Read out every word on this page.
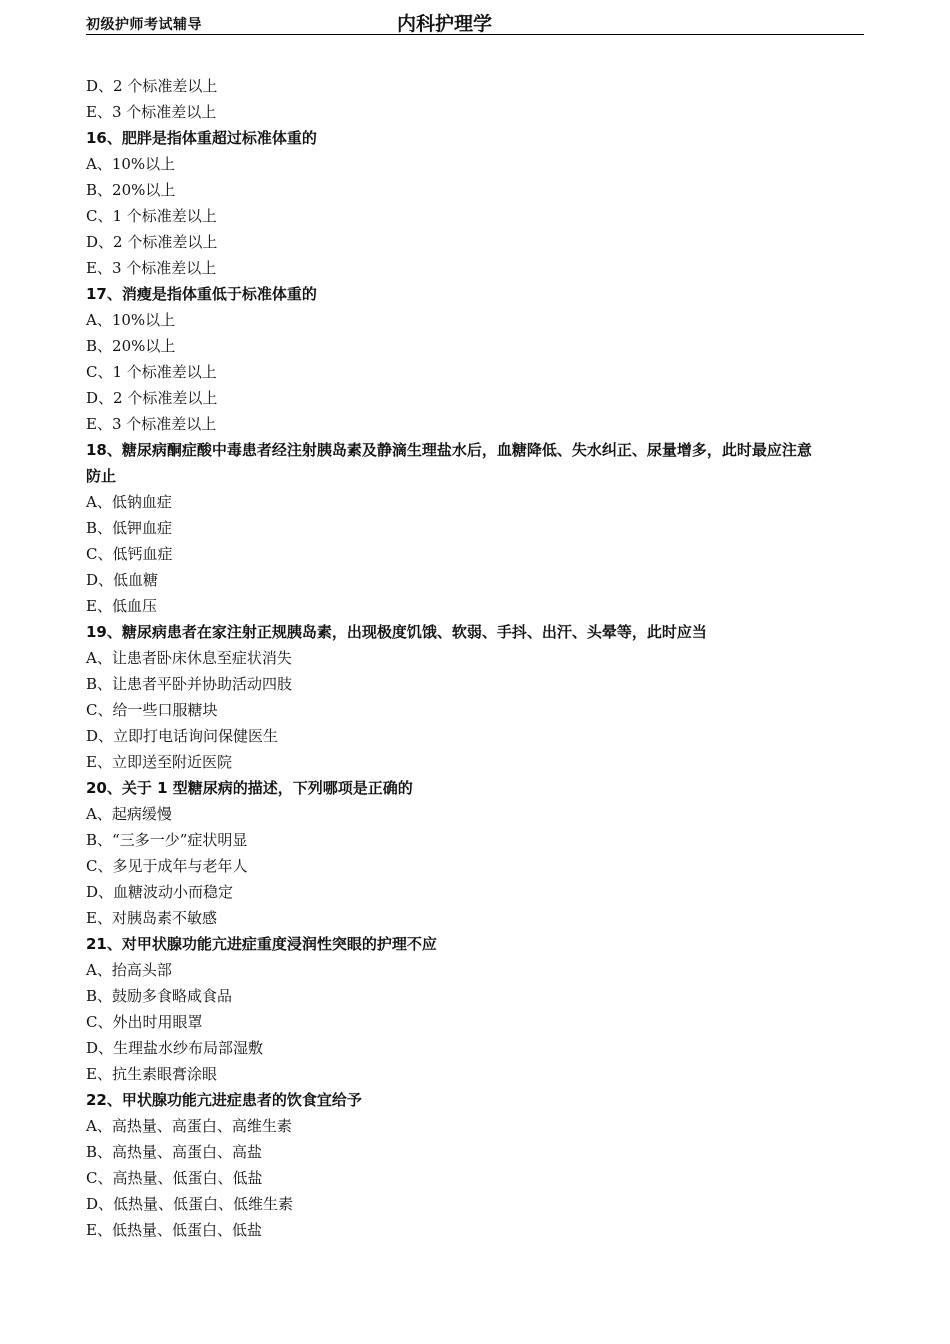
初级护师考试辅导	内科护理学
D、2 个标准差以上
E、3 个标准差以上
16、肥胖是指体重超过标准体重的
A、10%以上
B、20%以上
C、1 个标准差以上
D、2 个标准差以上
E、3 个标准差以上
17、消瘦是指体重低于标准体重的
A、10%以上
B、20%以上
C、1 个标准差以上
D、2 个标准差以上
E、3 个标准差以上
18、糖尿病酮症酸中毒患者经注射胰岛素及静滴生理盐水后，血糖降低、失水纠正、尿量增多，此时最应注意
防止
A、低钠血症
B、低钾血症
C、低钙血症
D、低血糖
E、低血压
19、糖尿病患者在家注射正规胰岛素，出现极度饥饿、软弱、手抖、出汗、头晕等，此时应当
A、让患者卧床休息至症状消失
B、让患者平卧并协助活动四肢
C、给一些口服糖块
D、立即打电话询问保健医生
E、立即送至附近医院
20、关于 1 型糖尿病的描述，下列哪项是正确的
A、起病缓慢
B、“三多一少”症状明显
C、多见于成年与老年人
D、血糖波动小而稳定
E、对胰岛素不敏感
21、对甲状腺功能亢进症重度浸润性突眼的护理不应
A、抬高头部
B、鼓励多食略咸食品
C、外出时用眼罩
D、生理盐水纱布局部湿敷
E、抗生素眼膏涂眼
22、甲状腺功能亢进症患者的饮食宜给予
A、高热量、高蛋白、高维生素
B、高热量、高蛋白、高盐
C、高热量、低蛋白、低盐
D、低热量、低蛋白、低维生素
E、低热量、低蛋白、低盐
